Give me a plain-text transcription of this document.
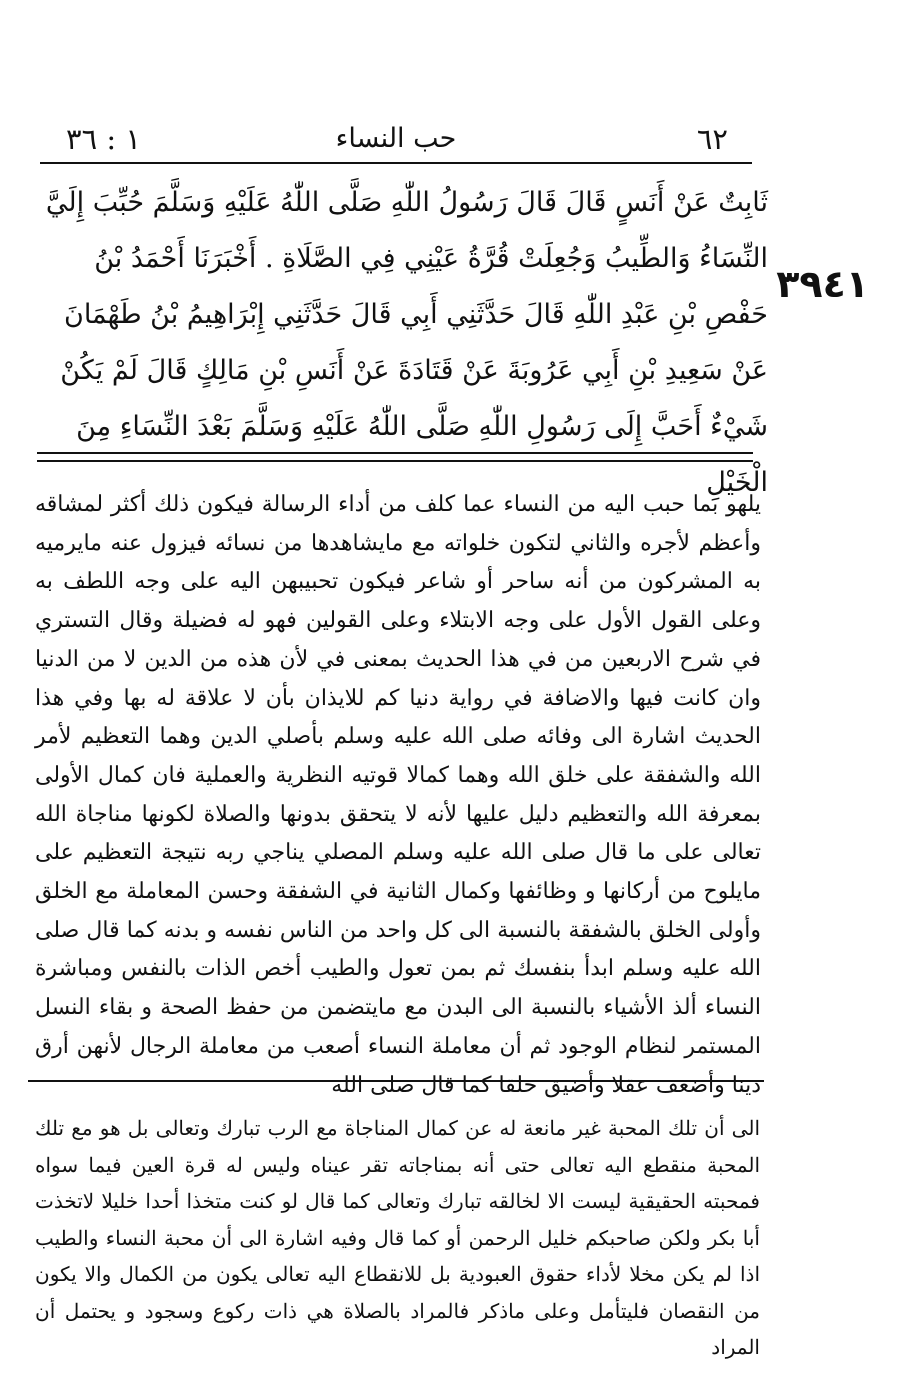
٦٢
حب النساء
١ : ٣٦
٣٩٤١
ثَابِتٌ عَنْ أَنَسٍ قَالَ قَالَ رَسُولُ اللّٰهِ صَلَّى اللّٰهُ عَلَيْهِ وَسَلَّمَ حُبِّبَ إِلَيَّ النِّسَاءُ وَالطِّيبُ وَجُعِلَتْ قُرَّةُ عَيْنِي فِي الصَّلَاةِ . أَخْبَرَنَا أَحْمَدُ بْنُ حَفْصِ بْنِ عَبْدِ اللّٰهِ قَالَ حَدَّثَنِي أَبِي قَالَ حَدَّثَنِي إِبْرَاهِيمُ بْنُ طَهْمَانَ عَنْ سَعِيدِ بْنِ أَبِي عَرُوبَةَ عَنْ قَتَادَةَ عَنْ أَنَسِ بْنِ مَالِكٍ قَالَ لَمْ يَكُنْ شَيْءٌ أَحَبَّ إِلَى رَسُولِ اللّٰهِ صَلَّى اللّٰهُ عَلَيْهِ وَسَلَّمَ بَعْدَ النِّسَاءِ مِنَ الْخَيْلِ
يلهو بما حبب اليه من النساء عما كلف من أداء الرسالة فيكون ذلك أكثر لمشاقه وأعظم لأجره والثاني لتكون خلواته مع مايشاهدها من نسائه فيزول عنه مايرميه به المشركون من أنه ساحر أو شاعر فيكون تحبيبهن اليه على وجه اللطف به وعلى القول الأول على وجه الابتلاء وعلى القولين فهو له فضيلة وقال التستري في شرح الاربعين من في هذا الحديث بمعنى في لأن هذه من الدين لا من الدنيا وان كانت فيها والاضافة في رواية دنيا كم للايذان بأن لا علاقة له بها وفي هذا الحديث اشارة الى وفائه صلى الله عليه وسلم بأصلي الدين وهما التعظيم لأمر الله والشفقة على خلق الله وهما كمالا قوتيه النظرية والعملية فان كمال الأولى بمعرفة الله والتعظيم دليل عليها لأنه لا يتحقق بدونها والصلاة لكونها مناجاة الله تعالى على ما قال صلى الله عليه وسلم المصلي يناجي ربه نتيجة التعظيم على مايلوح من أركانها و وظائفها وكمال الثانية في الشفقة وحسن المعاملة مع الخلق وأولى الخلق بالشفقة بالنسبة الى كل واحد من الناس نفسه و بدنه كما قال صلى الله عليه وسلم ابدأ بنفسك ثم بمن تعول والطيب أخص الذات بالنفس ومباشرة النساء ألذ الأشياء بالنسبة الى البدن مع مايتضمن من حفظ الصحة و بقاء النسل المستمر لنظام الوجود ثم أن معاملة النساء أصعب من معاملة الرجال لأنهن أرق دينا وأضعف عقلا وأضيق خلقا كما قال صلى الله
الى أن تلك المحبة غير مانعة له عن كمال المناجاة مع الرب تبارك وتعالى بل هو مع تلك المحبة منقطع اليه تعالى حتى أنه بمناجاته تقر عيناه وليس له قرة العين فيما سواه فمحبته الحقيقية ليست الا لخالقه تبارك وتعالى كما قال لو كنت متخذا أحدا خليلا لاتخذت أبا بكر ولكن صاحبكم خليل الرحمن أو كما قال وفيه اشارة الى أن محبة النساء والطيب اذا لم يكن مخلا لأداء حقوق العبودية بل للانقطاع اليه تعالى يكون من الكمال والا يكون من النقصان فليتأمل وعلى ماذكر فالمراد بالصلاة هي ذات ركوع وسجود و يحتمل أن المراد
